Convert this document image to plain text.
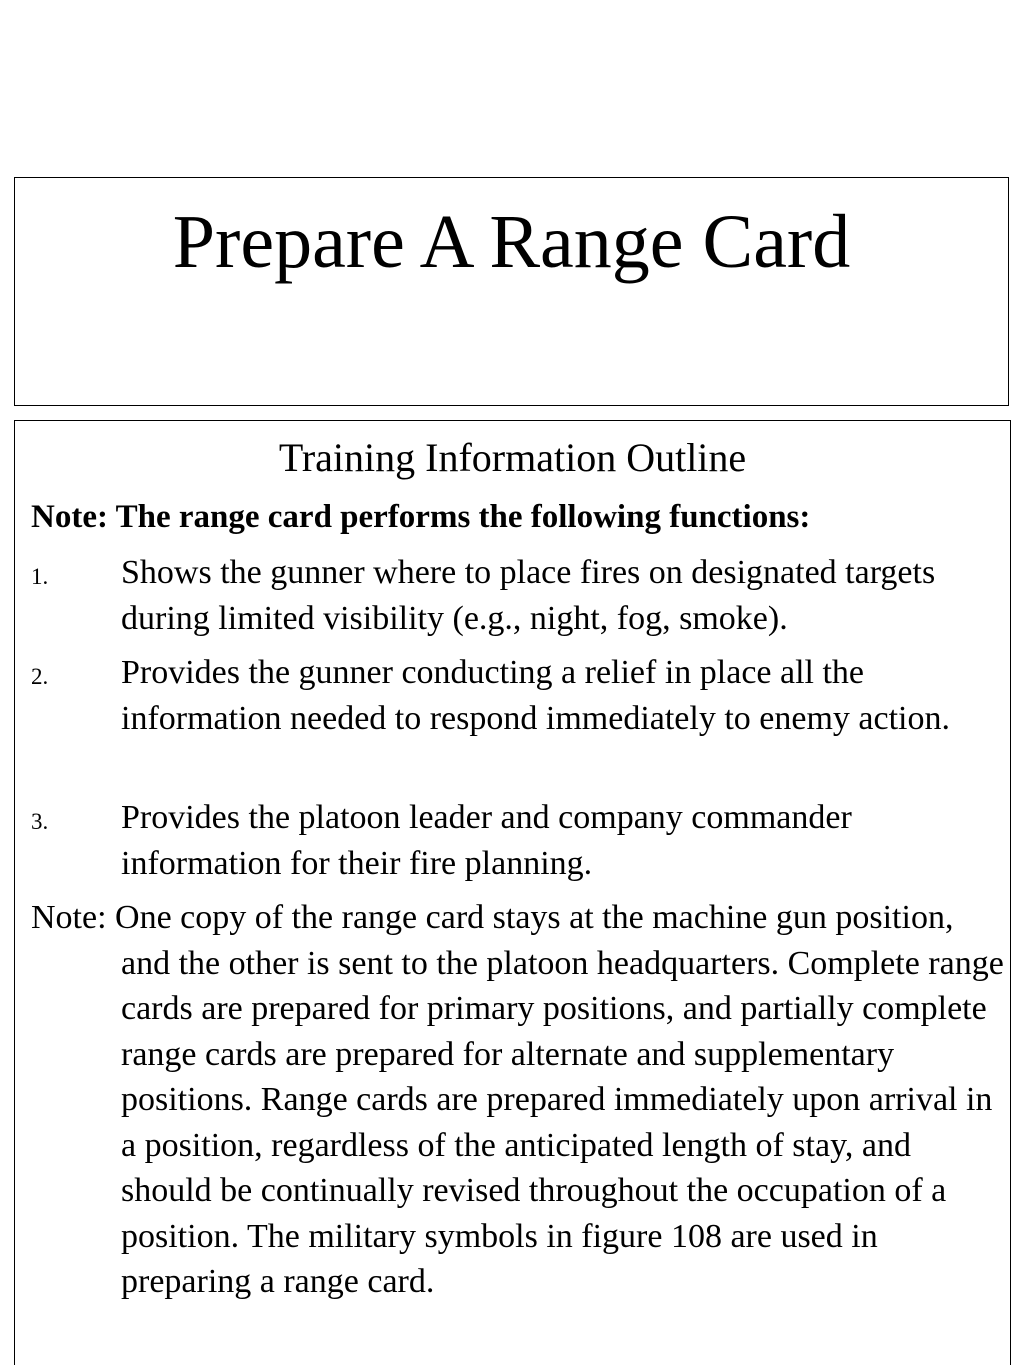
Prepare A Range Card
Training Information Outline

Note: The range card performs the following functions:

1. Shows the gunner where to place fires on designated targets during limited visibility (e.g., night, fog, smoke).
2. Provides the gunner conducting a relief in place all the information needed to respond immediately to enemy action.
3. Provides the platoon leader and company commander information for their fire planning.
Note: One copy of the range card stays at the machine gun position, and the other is sent to the platoon headquarters. Complete range cards are prepared for primary positions, and partially complete range cards are prepared for alternate and supplementary positions. Range cards are prepared immediately upon arrival in a position, regardless of the anticipated length of stay, and should be continually revised throughout the occupation of a position. The military symbols in figure 108 are used in preparing a range card.
